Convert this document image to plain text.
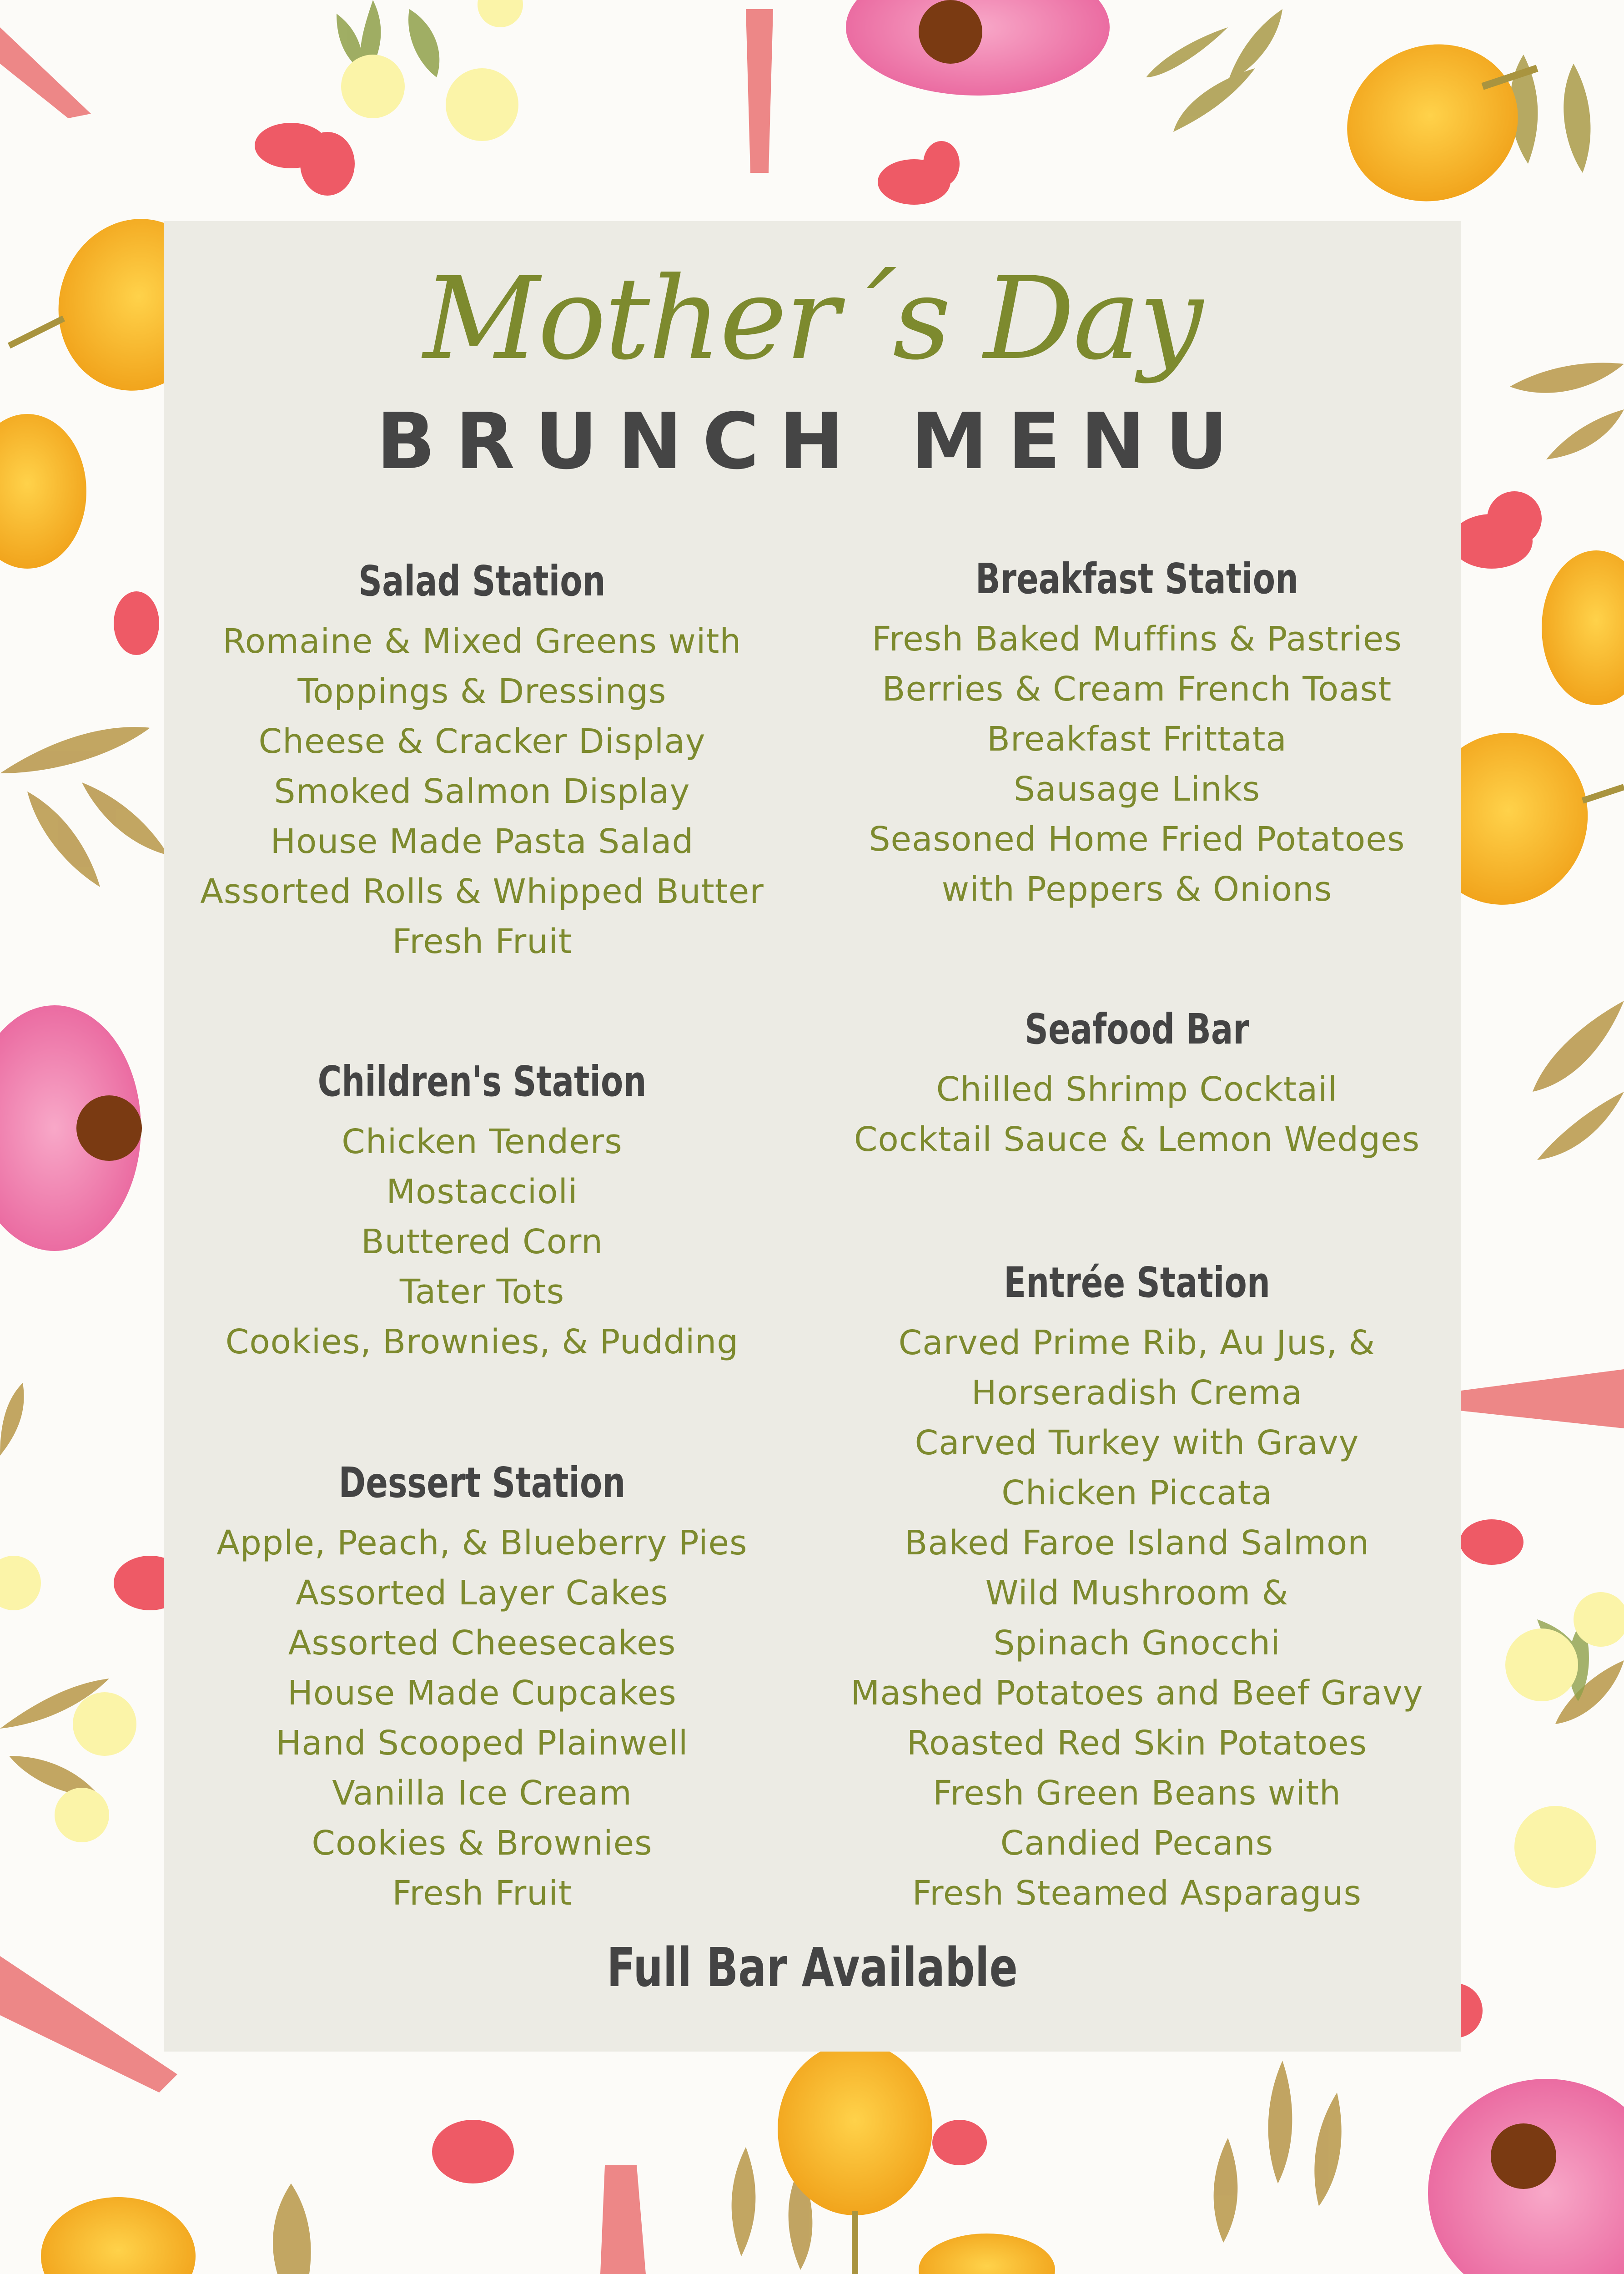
Mother´s Day
BRUNCH MENU
Salad Station
Romaine & Mixed Greens with
Toppings & Dressings
Cheese & Cracker Display
Smoked Salmon Display
House Made Pasta Salad
Assorted Rolls & Whipped Butter
Fresh Fruit
Breakfast Station
Fresh Baked Muffins & Pastries
Berries & Cream French Toast
Breakfast Frittata
Sausage Links
Seasoned Home Fried Potatoes
with Peppers & Onions
Children's Station
Chicken Tenders
Mostaccioli
Buttered Corn
Tater Tots
Cookies, Brownies, & Pudding
Seafood Bar
Chilled Shrimp Cocktail
Cocktail Sauce & Lemon Wedges
Dessert Station
Apple, Peach, & Blueberry Pies
Assorted Layer Cakes
Assorted Cheesecakes
House Made Cupcakes
Hand Scooped Plainwell
Vanilla Ice Cream
Cookies & Brownies
Fresh Fruit
Entrée Station
Carved Prime Rib, Au Jus, &
Horseradish Crema
Carved Turkey with Gravy
Chicken Piccata
Baked Faroe Island Salmon
Wild Mushroom &
Spinach Gnocchi
Mashed Potatoes and Beef Gravy
Roasted Red Skin Potatoes
Fresh Green Beans with
Candied Pecans
Fresh Steamed Asparagus
Full Bar Available
